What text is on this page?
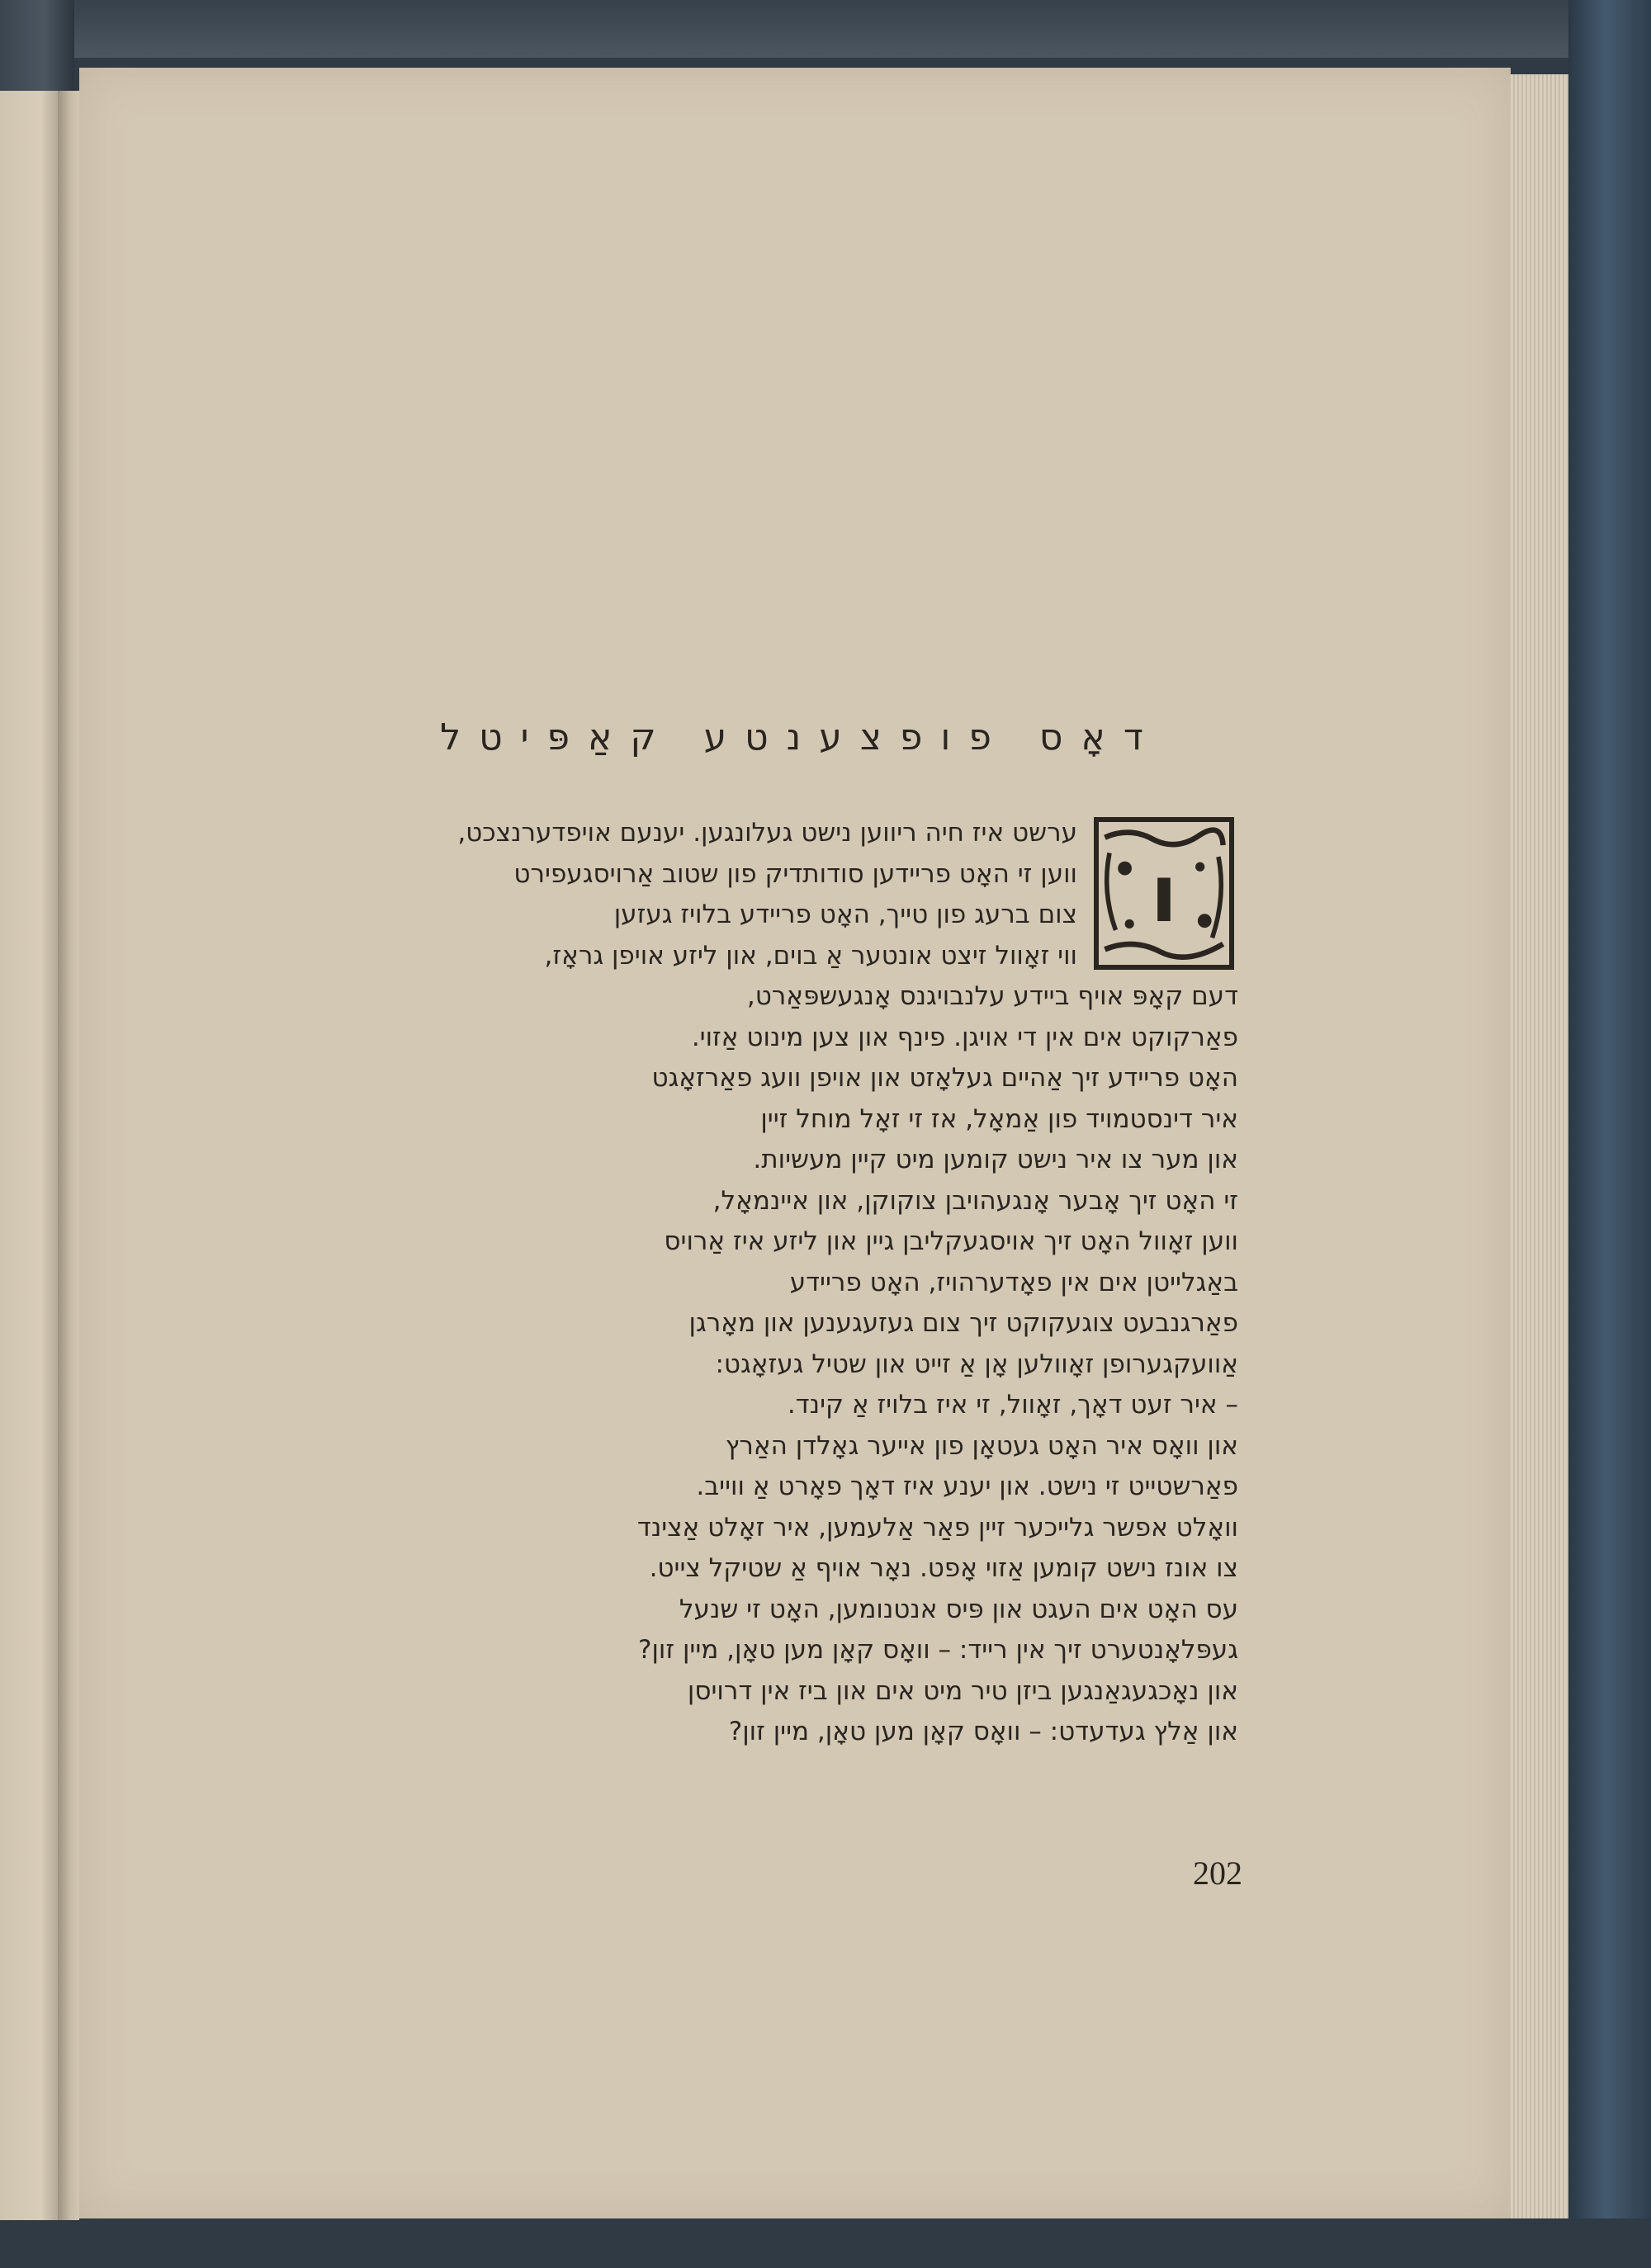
דאָס פופצענטע קאַפּיטל
ו
ערשט איז חיה ריווען נישט געלונגען. יענעם אויפדערנצכט,
ווען זי האָט פריידען סודותדיק פון שטוב אַרויסגעפירט
צום ברעג פון טייך, האָט פריידע בלויז געזען
ווי זאָוול זיצט אונטער אַ בוים, און ליזע אויפן גראָז,
דעם קאָפּ אויף ביידע עלנבויגנס אָנגעשפּאַרט,
פאַרקוקט אים אין די אויגן. פינף און צען מינוט אַזוי.
האָט פריידע זיך אַהיים געלאָזט און אויפן וועג פאַרזאָגט
איר דינסטמויד פון אַמאָל, אז זי זאָל מוחל זיין
און מער צו איר נישט קומען מיט קיין מעשיות.
זי האָט זיך אָבער אָנגעהויבן צוקוקן, און איינמאָל,
ווען זאָוול האָט זיך אויסגעקליבן גיין און ליזע איז אַרויס
באַגלייטן אים אין פאָדערהויז, האָט פריידע
פאַרגנבעט צוגעקוקט זיך צום געזעגענען און מאָרגן
אַוועקגערופן זאָוולען אָן אַ זייט און שטיל געזאָגט:
– איר זעט דאָך, זאָוול, זי איז בלויז אַ קינד.
און וואָס איר האָט געטאָן פון אייער גאָלדן האַרץ
פאַרשטייט זי נישט. און יענע איז דאָך פאָרט אַ ווייב.
וואָלט אפשר גלייכער זיין פאַר אַלעמען, איר זאָלט אַצינד
צו אונז נישט קומען אַזוי אָפט. נאָר אויף אַ שטיקל צייט.
עס האָט אים העגט און פּיס אנטנומען, האָט זי שנעל
געפּלאָנטערט זיך אין רייד: – וואָס קאָן מען טאָן, מיין זון?
און נאָכגעגאַנגען ביזן טיר מיט אים און ביז אין דרויסן
און אַלץ געדעדט: – וואָס קאָן מען טאָן, מיין זון?
202
